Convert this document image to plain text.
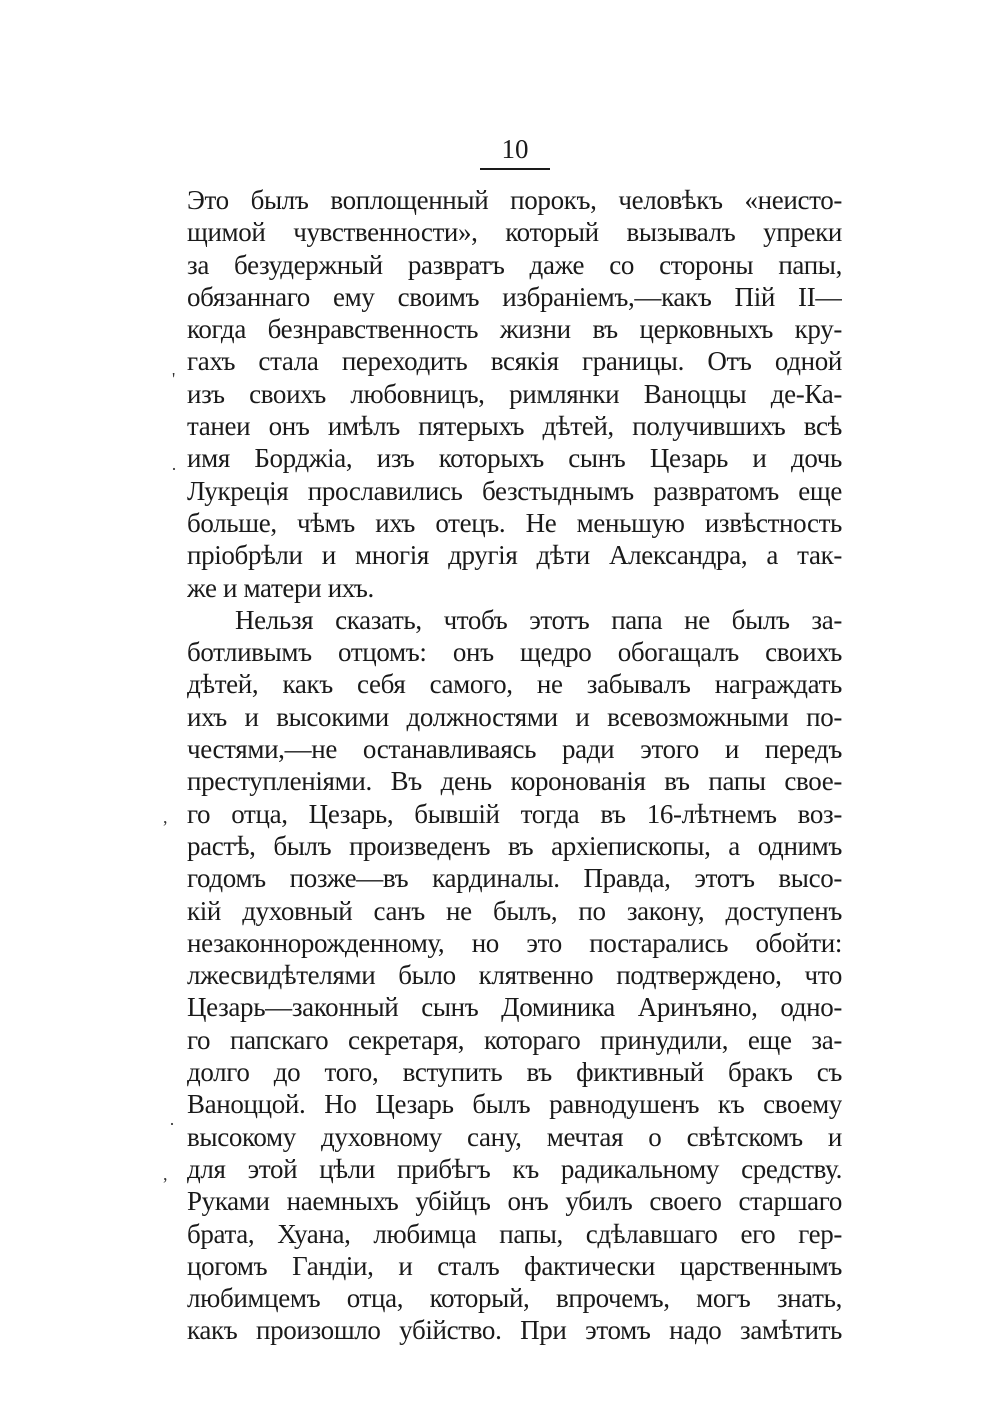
10
'
·
,
·
,
Это былъ воплощенный порокъ, человѣкъ «неисто-
щимой чувственности», который вызывалъ упреки
за безудержный развратъ даже со стороны папы,
обязаннаго ему своимъ избраніемъ,—какъ Пій II—
когда безнравственность жизни въ церковныхъ кру-
гахъ стала переходить всякія границы. Отъ одной
изъ своихъ любовницъ, римлянки Ваноццы де-Ка-
танеи онъ имѣлъ пятерыхъ дѣтей, получившихъ всѣ
имя Борджіа, изъ которыхъ сынъ Цезарь и дочь
Лукреція прославились безстыднымъ развратомъ еще
больше, чѣмъ ихъ отецъ. Не меньшую извѣстность
пріобрѣли и многія другія дѣти Александра, а так-
же и матери ихъ.
Нельзя сказать, чтобъ этотъ папа не былъ за-
ботливымъ отцомъ: онъ щедро обогащалъ своихъ
дѣтей, какъ себя самого, не забывалъ награждать
ихъ и высокими должностями и всевозможными по-
честями,—не останавливаясь ради этого и передъ
преступленіями. Въ день коронованія въ папы свое-
го отца, Цезарь, бывшій тогда въ 16-лѣтнемъ воз-
растѣ, былъ произведенъ въ архіепископы, а однимъ
годомъ позже—въ кардиналы. Правда, этотъ высо-
кій духовный санъ не былъ, по закону, доступенъ
незаконнорожденному, но это постарались обойти:
лжесвидѣтелями было клятвенно подтверждено, что
Цезарь—законный сынъ Доминика Аринъяно, одно-
го папскаго секретаря, котораго принудили, еще за-
долго до того, вступить въ фиктивный бракъ съ
Ваноццой. Но Цезарь былъ равнодушенъ къ своему
высокому духовному сану, мечтая о свѣтскомъ и
для этой цѣли прибѣгъ къ радикальному средству.
Руками наемныхъ убійцъ онъ убилъ своего старшаго
брата, Хуана, любимца папы, сдѣлавшаго его гер-
цогомъ Гандіи, и сталъ фактически царственнымъ
любимцемъ отца, который, впрочемъ, могъ знать,
какъ произошло убійство. При этомъ надо замѣтить
